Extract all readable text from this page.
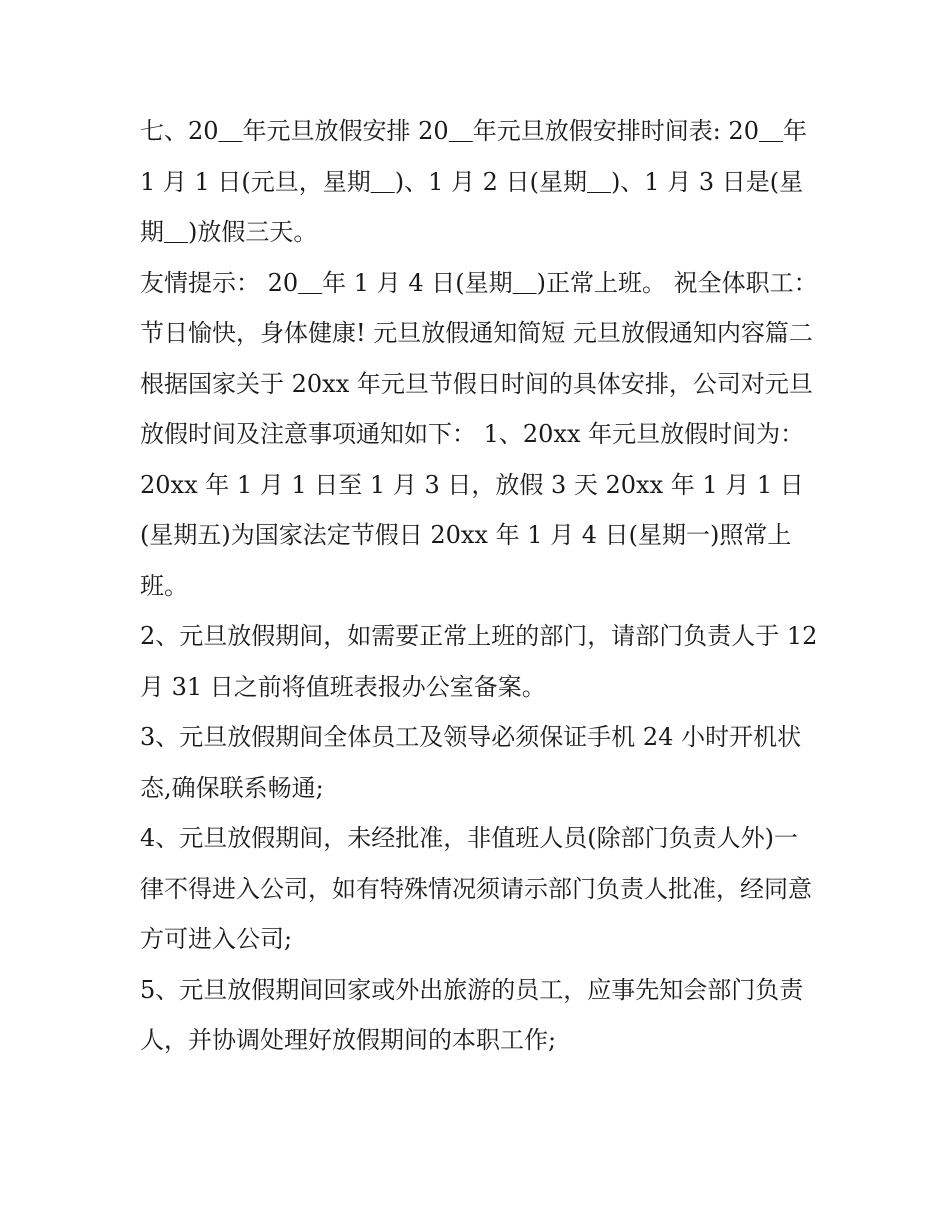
七、20＿年元旦放假安排 20＿年元旦放假安排时间表: 20＿年 1 月 1 日(元旦，星期＿)、1 月 2 日(星期＿)、1 月 3 日是(星期＿)放假三天。

友情提示： 20＿年 1 月 4 日(星期＿)正常上班。 祝全体职工：节日愉快，身体健康! 元旦放假通知简短 元旦放假通知内容篇二

根据国家关于 20xx 年元旦节假日时间的具体安排，公司对元旦放假时间及注意事项通知如下： 1、20xx 年元旦放假时间为：

20xx 年 1 月 1 日至 1 月 3 日，放假 3 天 20xx 年 1 月 1 日(星期五)为国家法定节假日 20xx 年 1 月 4 日(星期一)照常上班。

2、元旦放假期间，如需要正常上班的部门，请部门负责人于 12 月 31 日之前将值班表报办公室备案。

3、元旦放假期间全体员工及领导必须保证手机 24 小时开机状态,确保联系畅通;

4、元旦放假期间，未经批准，非值班人员(除部门负责人外)一律不得进入公司，如有特殊情况须请示部门负责人批准，经同意方可进入公司;

5、元旦放假期间回家或外出旅游的员工，应事先知会部门负责人，并协调处理好放假期间的本职工作;
